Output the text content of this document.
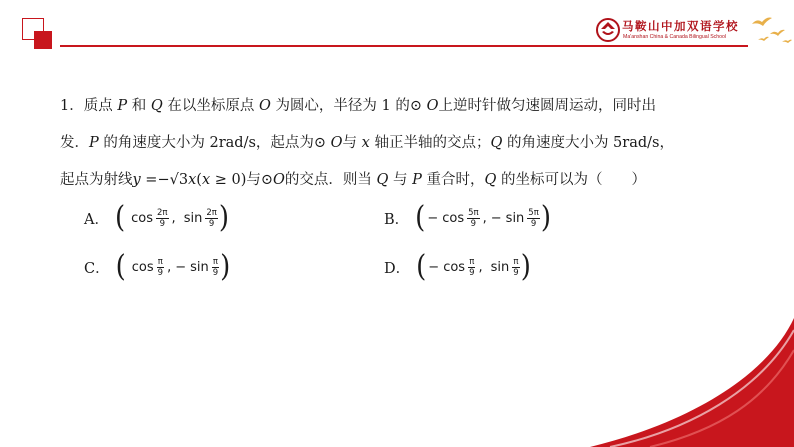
马鞍山中加双语学校
Ma'anshan China & Canada Bilingual School
1．质点 P 和 Q 在以坐标原点 O 为圆心，半径为 1 的⊙ O上逆时针做匀速圆周运动，同时出
发．P 的角速度大小为 2rad/s，起点为⊙ O与 x 轴正半轴的交点；Q 的角速度大小为 5rad/s，
起点为射线y =−√3x(x ≥ 0)与⊙O的交点．则当 Q 与 P 重合时，Q 的坐标可以为（　　）
A． ( $\cos \frac{2\pi}{9}$ , $\sin \frac{2\pi}{9}$ )	B． ( − $\cos \frac{5\pi}{9}$ , − $\sin \frac{5\pi}{9}$ )
C． ( $\cos \frac{\pi}{9}$ , − $\sin \frac{\pi}{9}$ )	D． ( − $\cos \frac{\pi}{9}$ , $\sin \frac{\pi}{9}$ )
